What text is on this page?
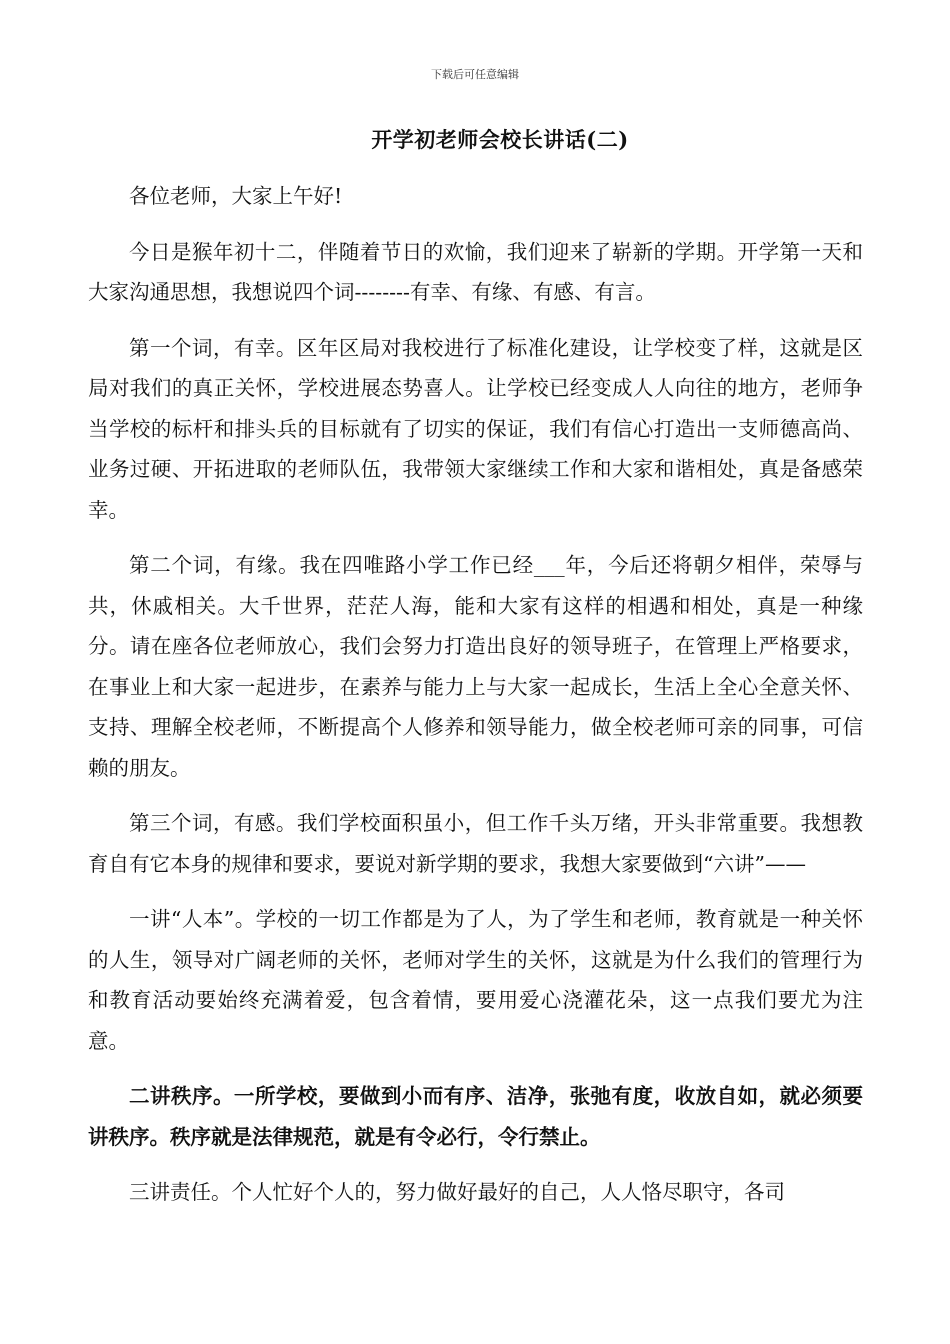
下载后可任意编辑
开学初老师会校长讲话(二)

各位老师，大家上午好!

今日是猴年初十二，伴随着节日的欢愉，我们迎来了崭新的学期。开学第一天和大家沟通思想，我想说四个词--------有幸、有缘、有感、有言。

第一个词，有幸。区年区局对我校进行了标准化建设，让学校变了样，这就是区局对我们的真正关怀，学校进展态势喜人。让学校已经变成人人向往的地方，老师争当学校的标杆和排头兵的目标就有了切实的保证，我们有信心打造出一支师德高尚、业务过硬、开拓进取的老师队伍，我带领大家继续工作和大家和谐相处，真是备感荣幸。

第二个词，有缘。我在四唯路小学工作已经___年，今后还将朝夕相伴，荣辱与共，休戚相关。大千世界，茫茫人海，能和大家有这样的相遇和相处，真是一种缘分。请在座各位老师放心，我们会努力打造出良好的领导班子，在管理上严格要求，在事业上和大家一起进步，在素养与能力上与大家一起成长，生活上全心全意关怀、支持、理解全校老师，不断提高个人修养和领导能力，做全校老师可亲的同事，可信赖的朋友。

第三个词，有感。我们学校面积虽小，但工作千头万绪，开头非常重要。我想教育自有它本身的规律和要求，要说对新学期的要求，我想大家要做到“六讲”——

一讲“人本”。学校的一切工作都是为了人，为了学生和老师，教育就是一种关怀的人生，领导对广阔老师的关怀，老师对学生的关怀，这就是为什么我们的管理行为和教育活动要始终充满着爱，包含着情，要用爱心浇灌花朵，这一点我们要尤为注意。

二讲秩序。一所学校，要做到小而有序、洁净，张弛有度，收放自如，就必须要讲秩序。秩序就是法律规范，就是有令必行，令行禁止。

三讲责任。个人忙好个人的，努力做好最好的自己，人人恪尽职守，各司
